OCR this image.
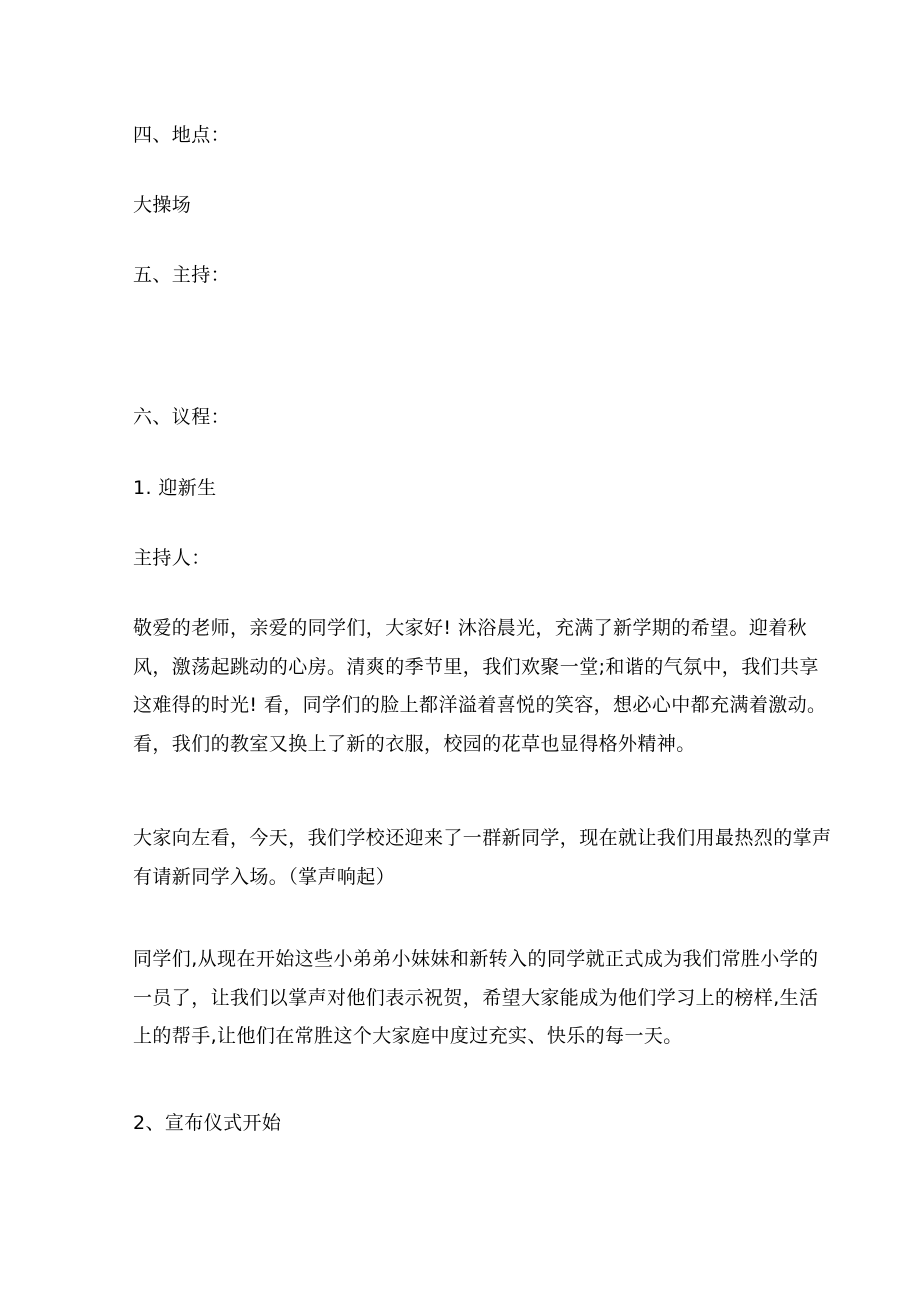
四、地点：
大操场
五、主持：
六、议程：
1. 迎新生
主持人：
敬爱的老师，亲爱的同学们，大家好! 沐浴晨光，充满了新学期的希望。迎着秋
风，激荡起跳动的心房。清爽的季节里，我们欢聚一堂;和谐的气氛中，我们共享
这难得的时光! 看，同学们的脸上都洋溢着喜悦的笑容，想必心中都充满着激动。
看，我们的教室又换上了新的衣服，校园的花草也显得格外精神。
大家向左看，今天，我们学校还迎来了一群新同学，现在就让我们用最热烈的掌声
有请新同学入场。（掌声响起）
同学们,从现在开始这些小弟弟小妹妹和新转入的同学就正式成为我们常胜小学的
一员了，让我们以掌声对他们表示祝贺，希望大家能成为他们学习上的榜样,生活
上的帮手,让他们在常胜这个大家庭中度过充实、快乐的每一天。
2、宣布仪式开始
